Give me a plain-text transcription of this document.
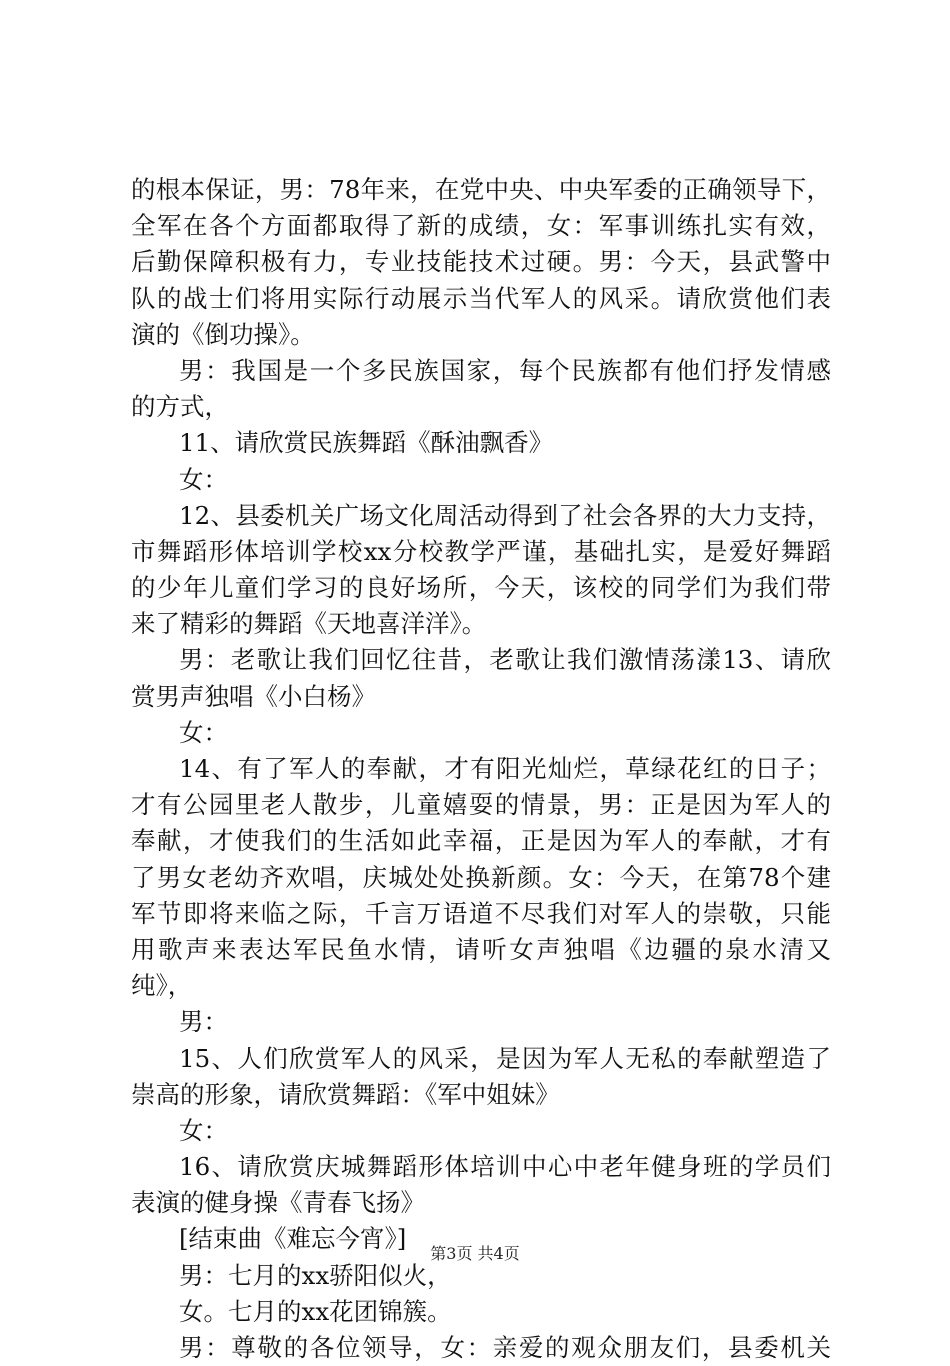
的根本保证，男：78年来，在党中央、中央军委的正确领导下，
全军在各个方面都取得了新的成绩，女：军事训练扎实有效，
后勤保障积极有力，专业技能技术过硬。男：今天，县武警中
队的战士们将用实际行动展示当代军人的风采。请欣赏他们表
演的《倒功操》。
男：我国是一个多民族国家，每个民族都有他们抒发情感
的方式，
11、请欣赏民族舞蹈《酥油飘香》
女：
12、县委机关广场文化周活动得到了社会各界的大力支持，
市舞蹈形体培训学校xx分校教学严谨，基础扎实，是爱好舞蹈
的少年儿童们学习的良好场所，今天，该校的同学们为我们带
来了精彩的舞蹈《天地喜洋洋》。
男：老歌让我们回忆往昔，老歌让我们激情荡漾13、请欣
赏男声独唱《小白杨》
女：
14、有了军人的奉献，才有阳光灿烂，草绿花红的日子；
才有公园里老人散步，儿童嬉耍的情景，男：正是因为军人的
奉献，才使我们的生活如此幸福，正是因为军人的奉献，才有
了男女老幼齐欢唱，庆城处处换新颜。女：今天，在第78个建
军节即将来临之际，千言万语道不尽我们对军人的崇敬，只能
用歌声来表达军民鱼水情，请听女声独唱《边疆的泉水清又
纯》，
男：
15、人们欣赏军人的风采，是因为军人无私的奉献塑造了
崇高的形象，请欣赏舞蹈：《军中姐妹》
女：
16、请欣赏庆城舞蹈形体培训中心中老年健身班的学员们
表演的健身操《青春飞扬》
[结束曲《难忘今宵》]
男：七月的xx骄阳似火，
女。七月的xx花团锦簇。
男：尊敬的各位领导，女：亲爱的观众朋友们，县委机关
第3页 共4页
